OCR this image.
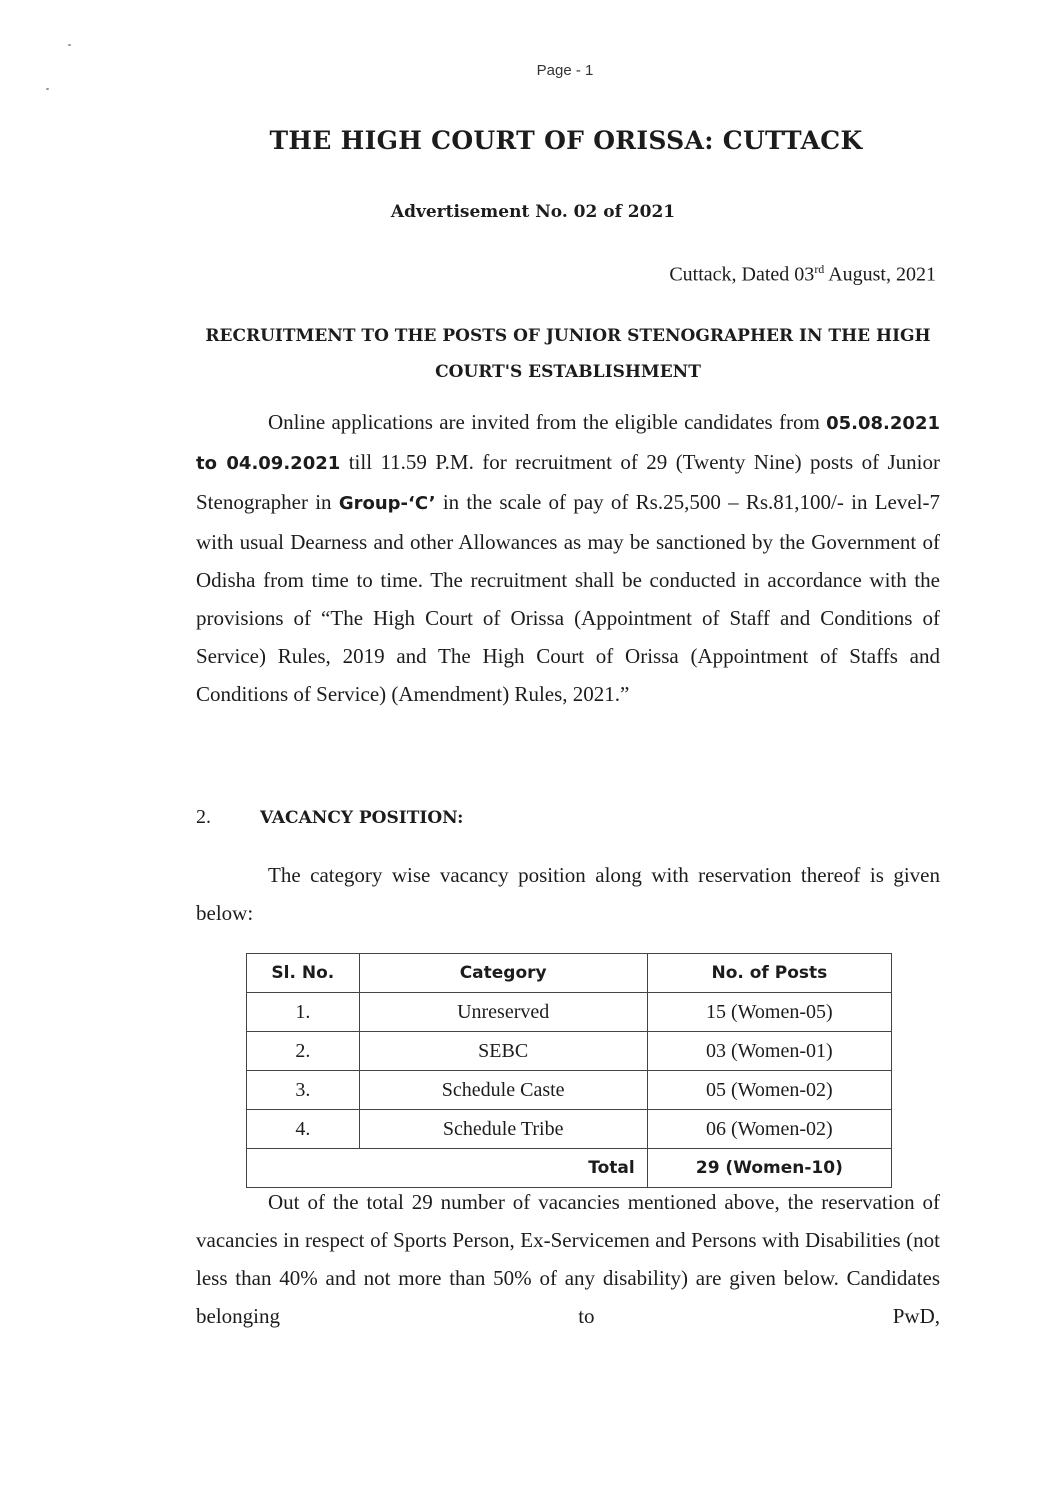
Page - 1
THE HIGH COURT OF ORISSA: CUTTACK
Advertisement No. 02 of 2021
Cuttack, Dated 03rd August, 2021
RECRUITMENT TO THE POSTS OF JUNIOR STENOGRAPHER IN THE HIGH COURT'S ESTABLISHMENT
Online applications are invited from the eligible candidates from 05.08.2021 to 04.09.2021 till 11.59 P.M. for recruitment of 29 (Twenty Nine) posts of Junior Stenographer in Group-‘C’ in the scale of pay of Rs.25,500 – Rs.81,100/- in Level-7 with usual Dearness and other Allowances as may be sanctioned by the Government of Odisha from time to time. The recruitment shall be conducted in accordance with the provisions of “The High Court of Orissa (Appointment of Staff and Conditions of Service) Rules, 2019 and The High Court of Orissa (Appointment of Staffs and Conditions of Service) (Amendment) Rules, 2021.”
2.	VACANCY POSITION:
The category wise vacancy position along with reservation thereof is given below:
Sl. No.	Category	No. of Posts
1.	Unreserved	15 (Women-05)
2.	SEBC	03 (Women-01)
3.	Schedule Caste	05 (Women-02)
4.	Schedule Tribe	06 (Women-02)
Total		29 (Women-10)
Out of the total 29 number of vacancies mentioned above, the reservation of vacancies in respect of Sports Person, Ex-Servicemen and Persons with Disabilities (not less than 40% and not more than 50% of any disability) are given below. Candidates belonging to PwD,
